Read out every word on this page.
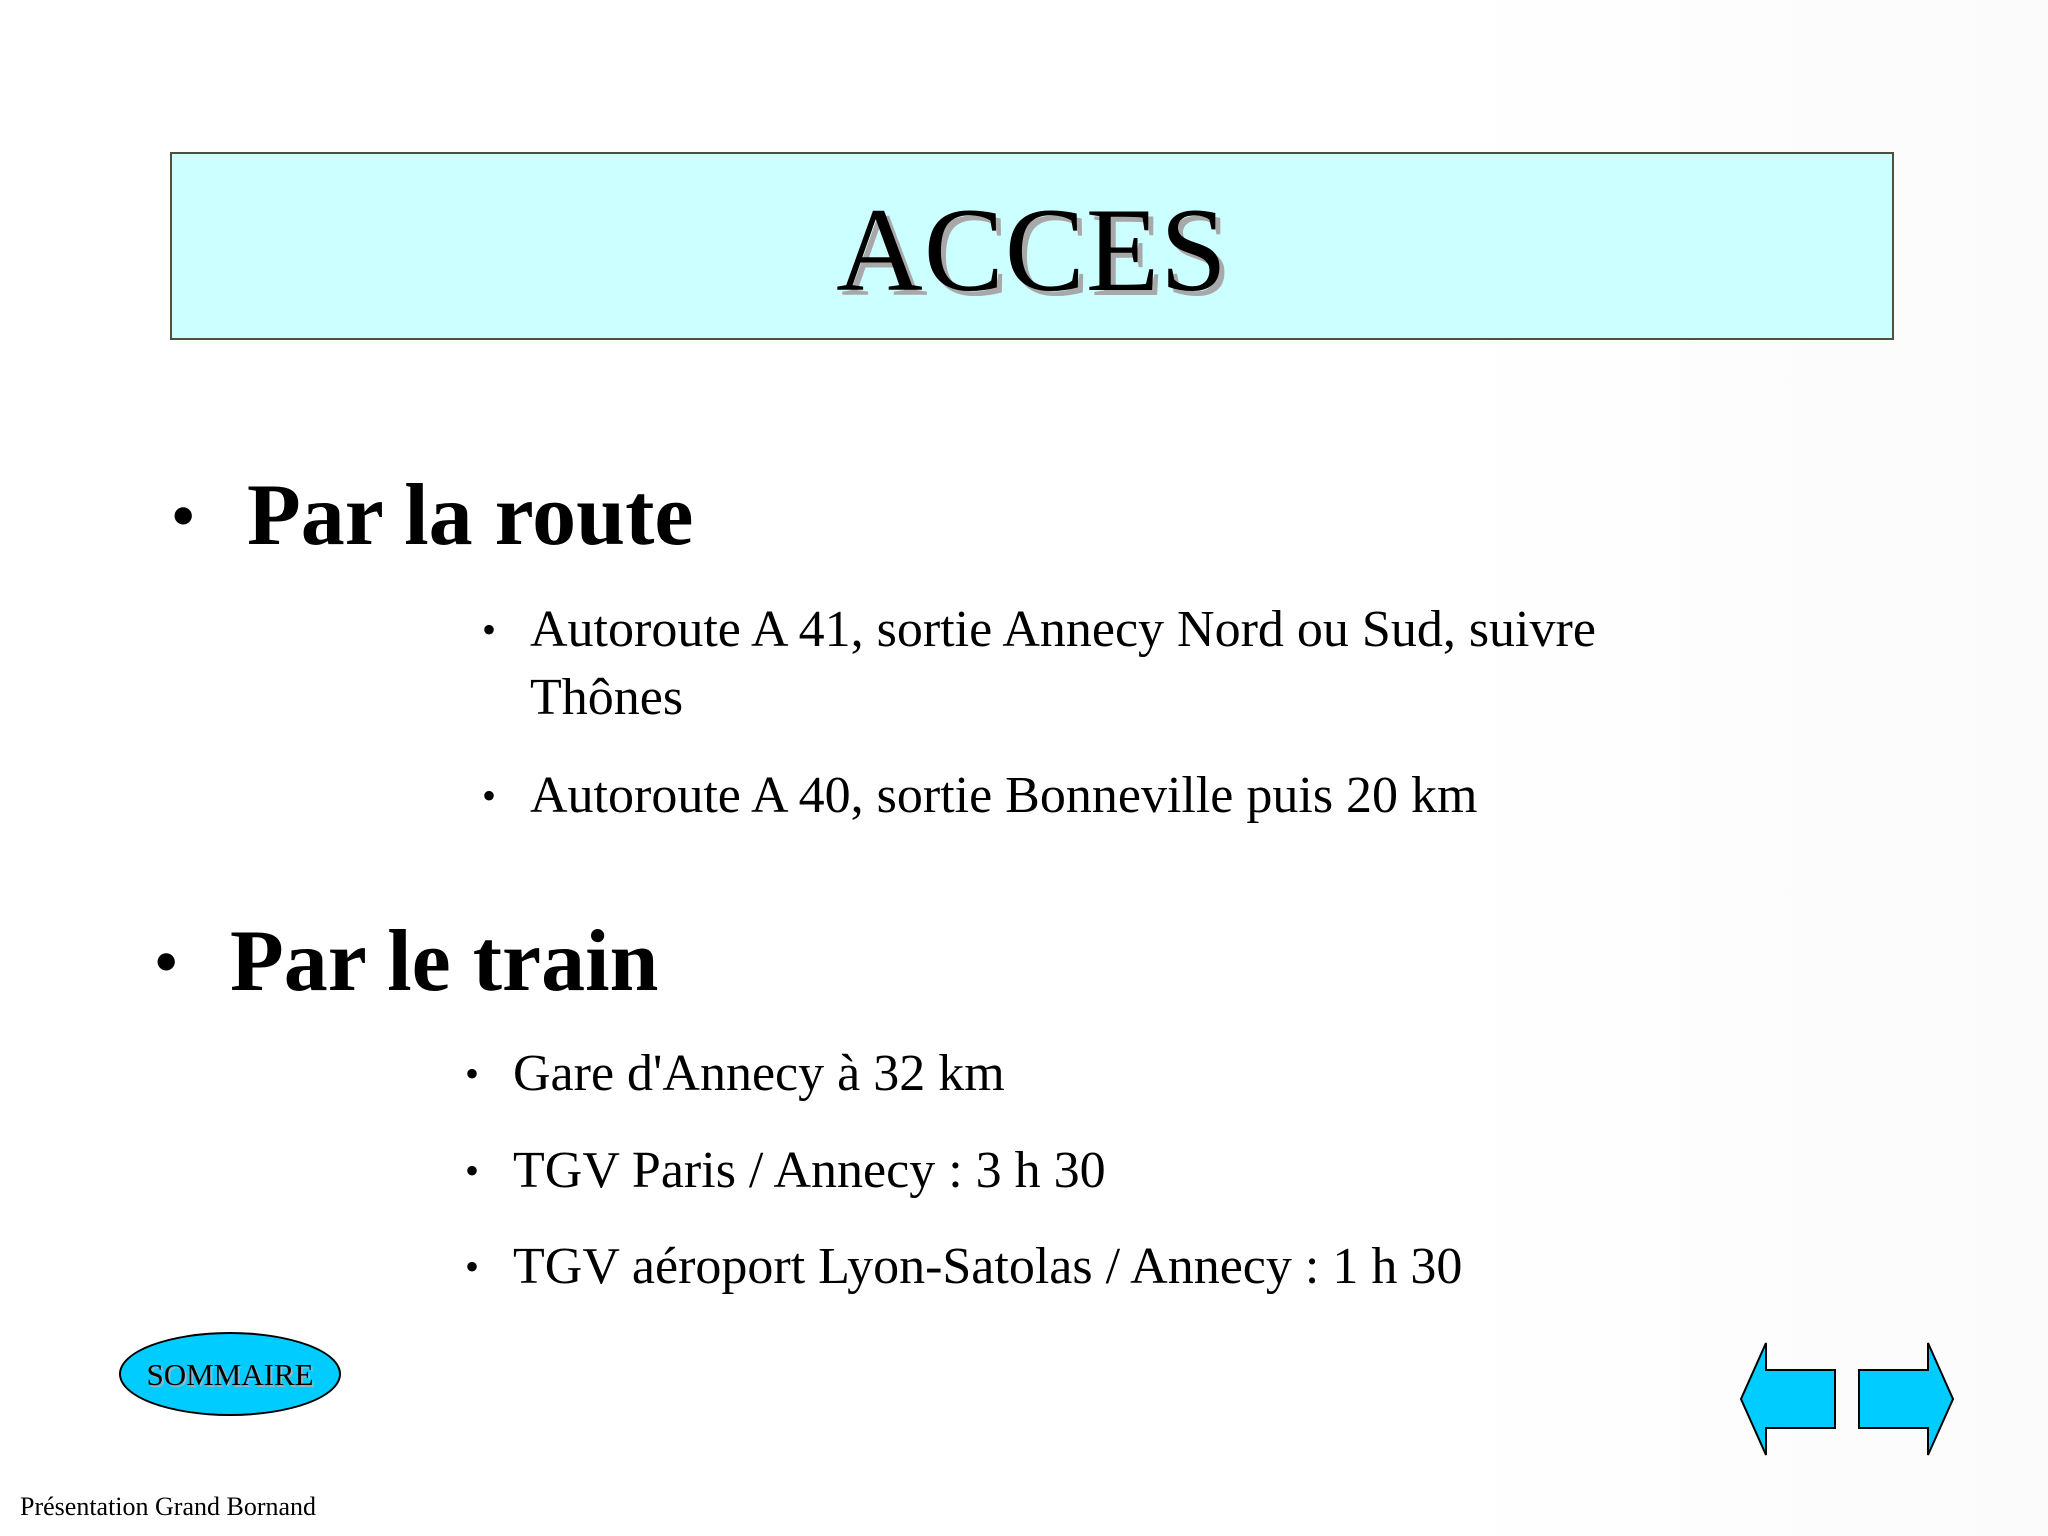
ACCES
• Par la route
• Autoroute A 41, sortie Annecy Nord ou Sud, suivre
Thônes
• Autoroute A 40, sortie Bonneville puis 20 km
• Par le train
• Gare d'Annecy à 32 km
• TGV Paris / Annecy : 3 h 30
• TGV aéroport Lyon-Satolas / Annecy : 1 h 30
SOMMAIRE
Présentation Grand Bornand
